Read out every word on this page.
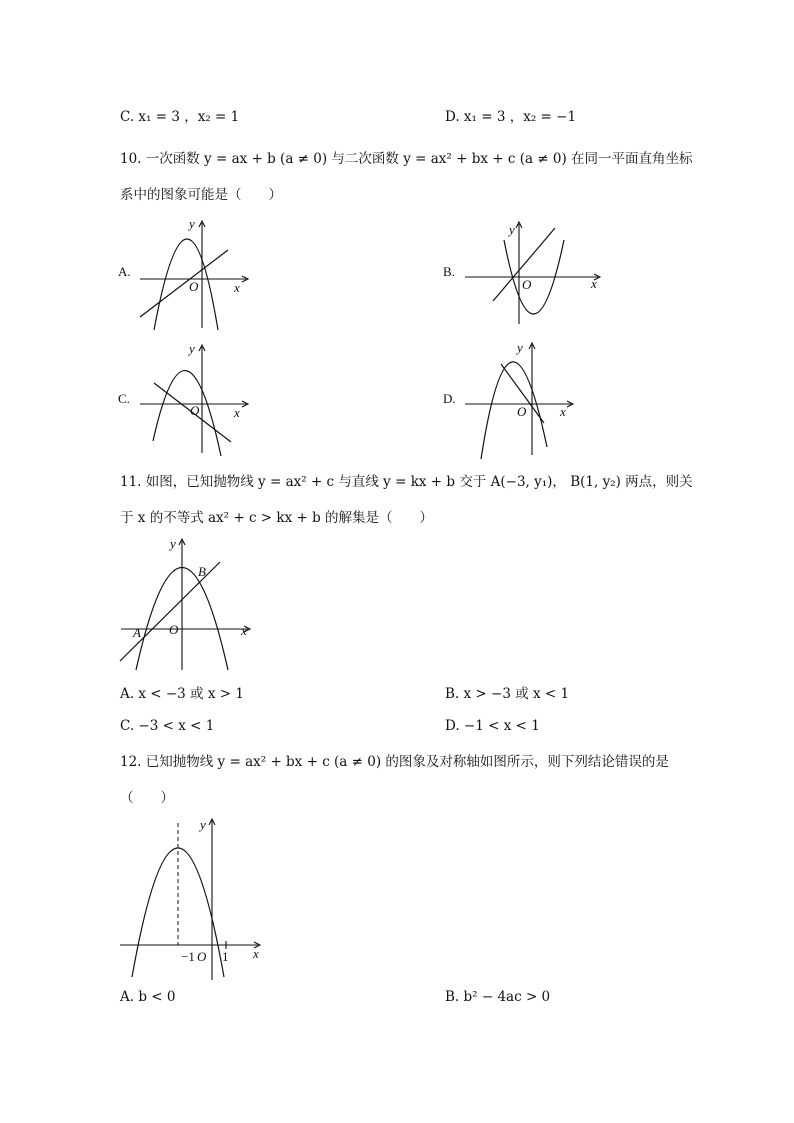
C. x₁ = 3 ，x₂ = 1	D. x₁ = 3 ，x₂ = −1
10. 一次函数 y = ax + b (a ≠ 0) 与二次函数 y = ax² + bx + c (a ≠ 0) 在同一平面直角坐标
系中的图象可能是（　　）
A.
y
x
O
B.
y
x
O
C.
y
x
O
D.
y
x
O
11. 如图，已知抛物线 y = ax² + c 与直线 y = kx + b 交于 A(−3, y₁)， B(1, y₂) 两点，则关
于 x 的不等式 ax² + c > kx + b 的解集是（　　）
y
x
O
A
B
A. x < −3 或 x > 1	B. x > −3 或 x < 1
C. −3 < x < 1	D. −1 < x < 1
12. 已知抛物线 y = ax² + bx + c (a ≠ 0) 的图象及对称轴如图所示，则下列结论错误的是
（　　）
y
x
O
−1 1
A. b < 0	B. b² − 4ac > 0
